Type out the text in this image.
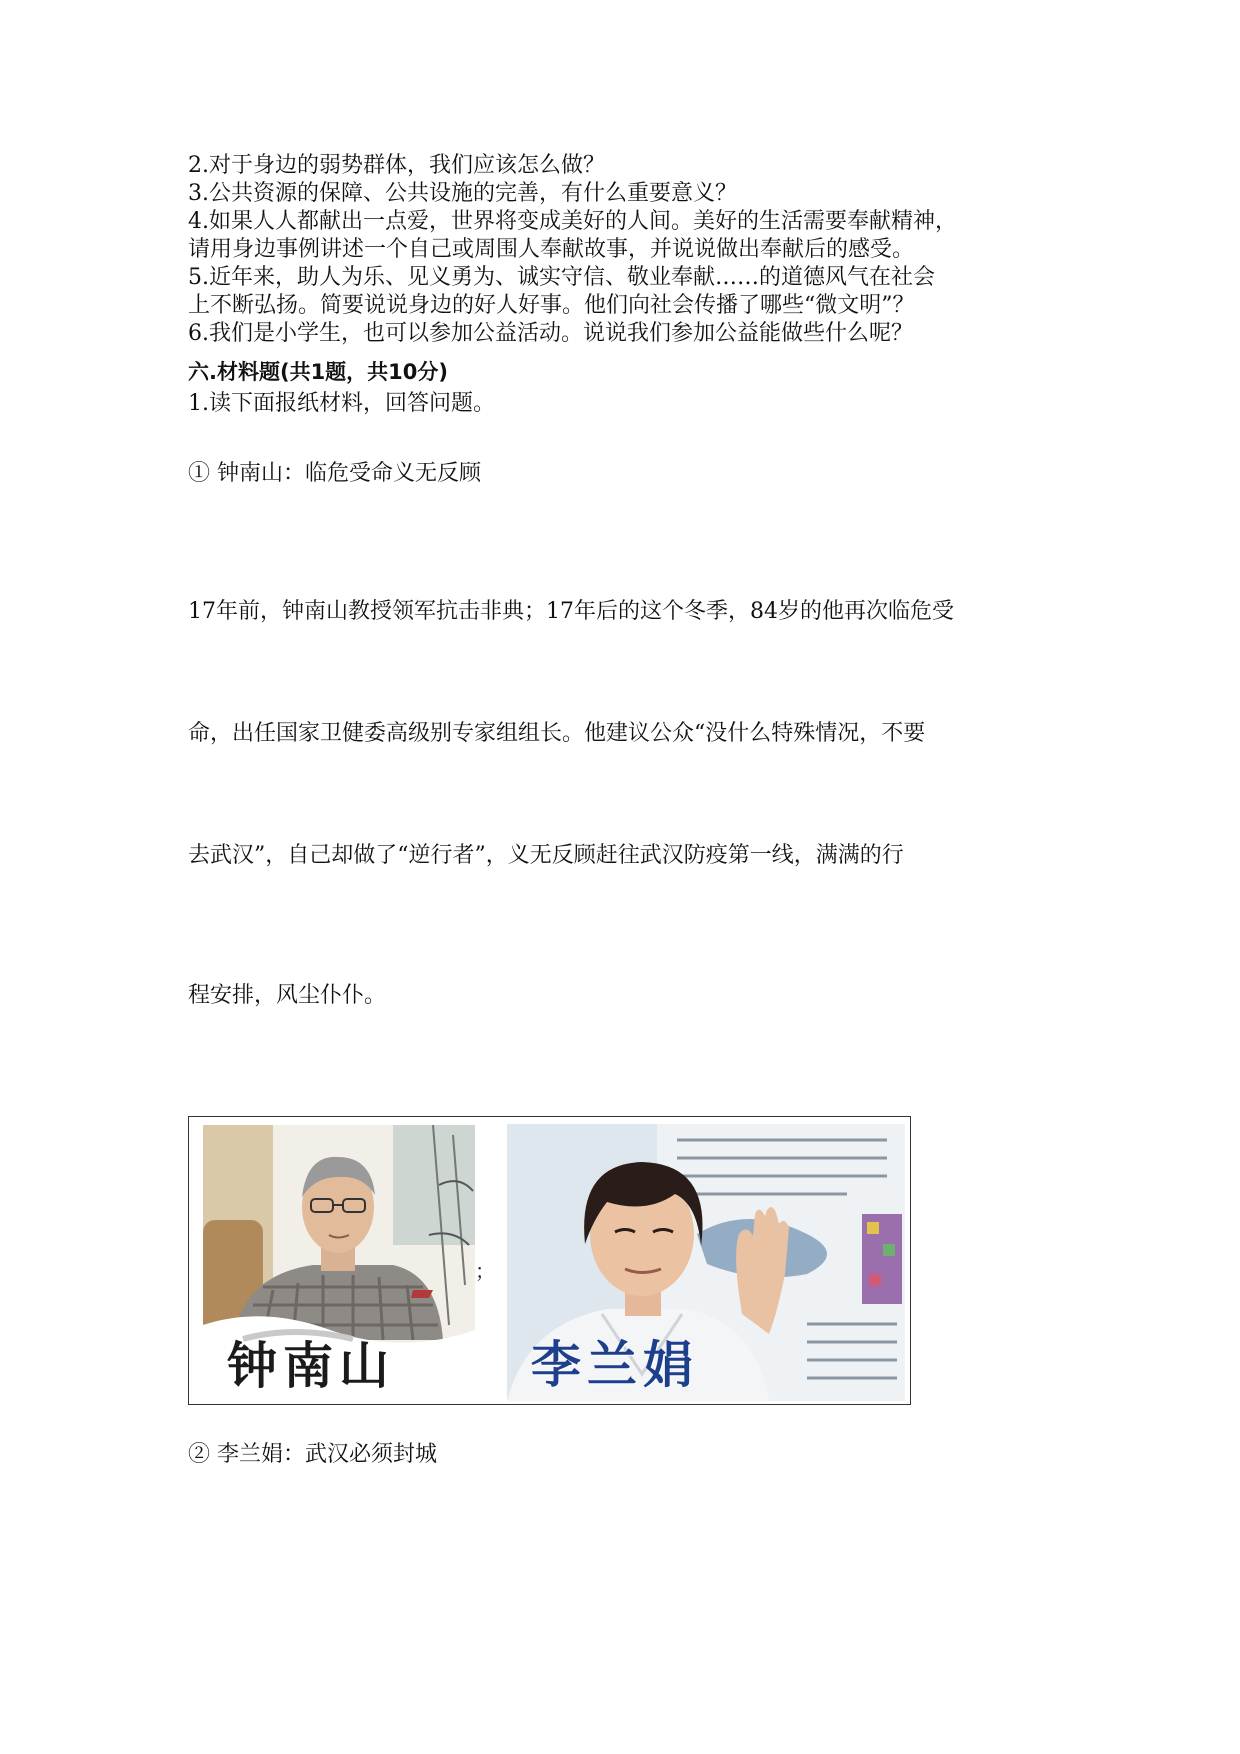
2.对于身边的弱势群体，我们应该怎么做？
3.公共资源的保障、公共设施的完善，有什么重要意义？
4.如果人人都献出一点爱，世界将变成美好的人间。美好的生活需要奉献精神，
请用身边事例讲述一个自己或周围人奉献故事，并说说做出奉献后的感受。
5.近年来，助人为乐、见义勇为、诚实守信、敬业奉献……的道德风气在社会
上不断弘扬。简要说说身边的好人好事。他们向社会传播了哪些“微文明”？
6.我们是小学生，也可以参加公益活动。说说我们参加公益能做些什么呢？
六.材料题(共1题，共10分)
1.读下面报纸材料，回答问题。
① 钟南山：临危受命义无反顾
17年前，钟南山教授领军抗击非典；17年后的这个冬季，84岁的他再次临危受
命，出任国家卫健委高级别专家组组长。他建议公众“没什么特殊情况，不要
去武汉”，自己却做了“逆行者”，义无反顾赶往武汉防疫第一线，满满的行
程安排，风尘仆仆。
钟南山
；
李兰娟
② 李兰娟：武汉必须封城
